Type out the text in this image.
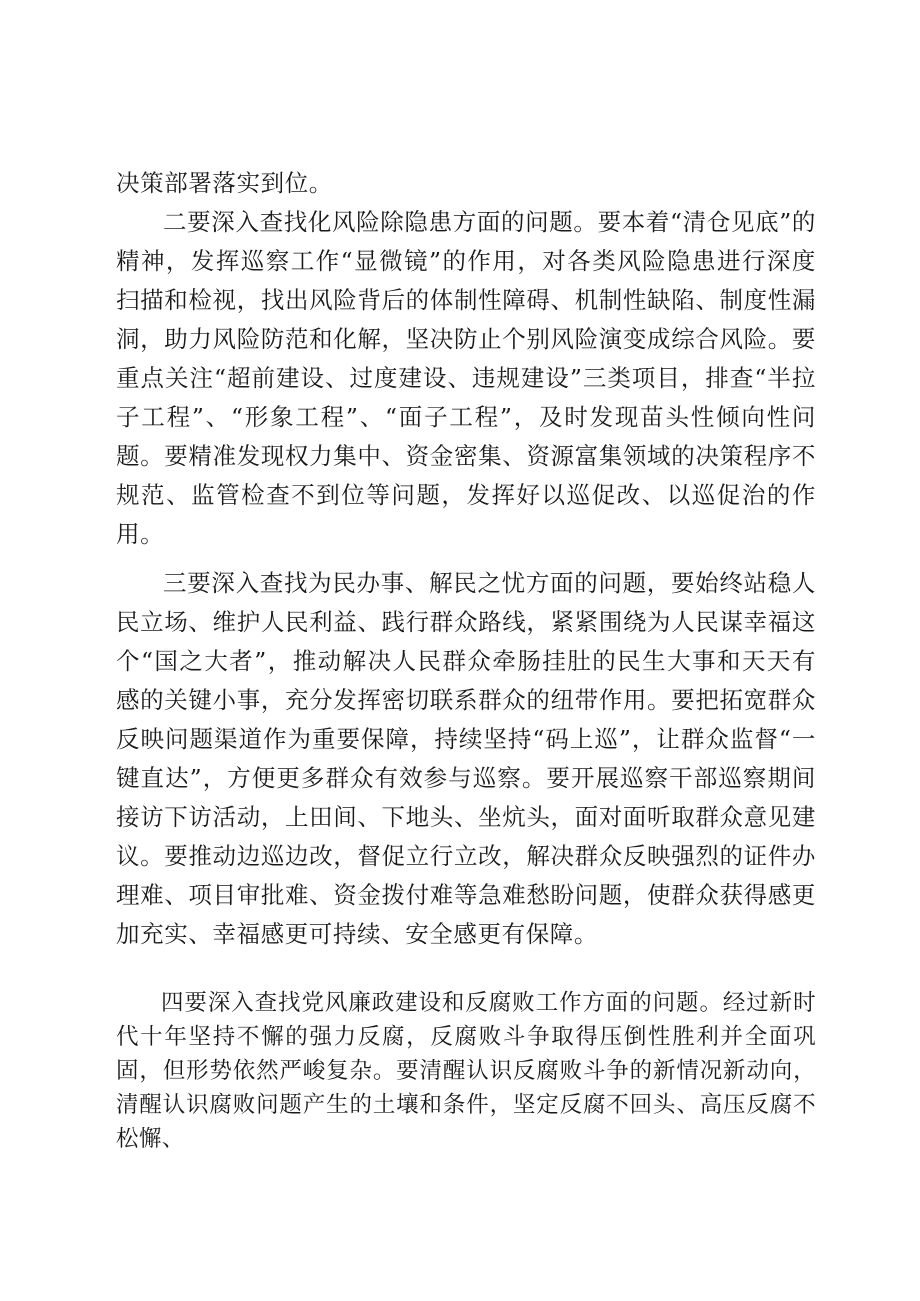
决策部署落实到位。

二要深入查找化风险除隐患方面的问题。要本着“清仓见底”的精神，发挥巡察工作“显微镜”的作用，对各类风险隐患进行深度扫描和检视，找出风险背后的体制性障碍、机制性缺陷、制度性漏洞，助力风险防范和化解，坚决防止个别风险演变成综合风险。要重点关注“超前建设、过度建设、违规建设”三类项目，排查“半拉子工程”、“形象工程”、“面子工程”，及时发现苗头性倾向性问题。要精准发现权力集中、资金密集、资源富集领域的决策程序不规范、监管检查不到位等问题，发挥好以巡促改、以巡促治的作用。

三要深入查找为民办事、解民之忧方面的问题，要始终站稳人民立场、维护人民利益、践行群众路线，紧紧围绕为人民谋幸福这个“国之大者”，推动解决人民群众牵肠挂肚的民生大事和天天有感的关键小事，充分发挥密切联系群众的纽带作用。要把拓宽群众反映问题渠道作为重要保障，持续坚持“码上巡”，让群众监督“一键直达”，方便更多群众有效参与巡察。要开展巡察干部巡察期间接访下访活动，上田间、下地头、坐炕头，面对面听取群众意见建议。要推动边巡边改，督促立行立改，解决群众反映强烈的证件办理难、项目审批难、资金拨付难等急难愁盼问题，使群众获得感更加充实、幸福感更可持续、安全感更有保障。

四要深入查找党风廉政建设和反腐败工作方面的问题。经过新时代十年坚持不懈的强力反腐，反腐败斗争取得压倒性胜利并全面巩固，但形势依然严峻复杂。要清醒认识反腐败斗争的新情况新动向，清醒认识腐败问题产生的土壤和条件，坚定反腐不回头、高压反腐不松懈、
